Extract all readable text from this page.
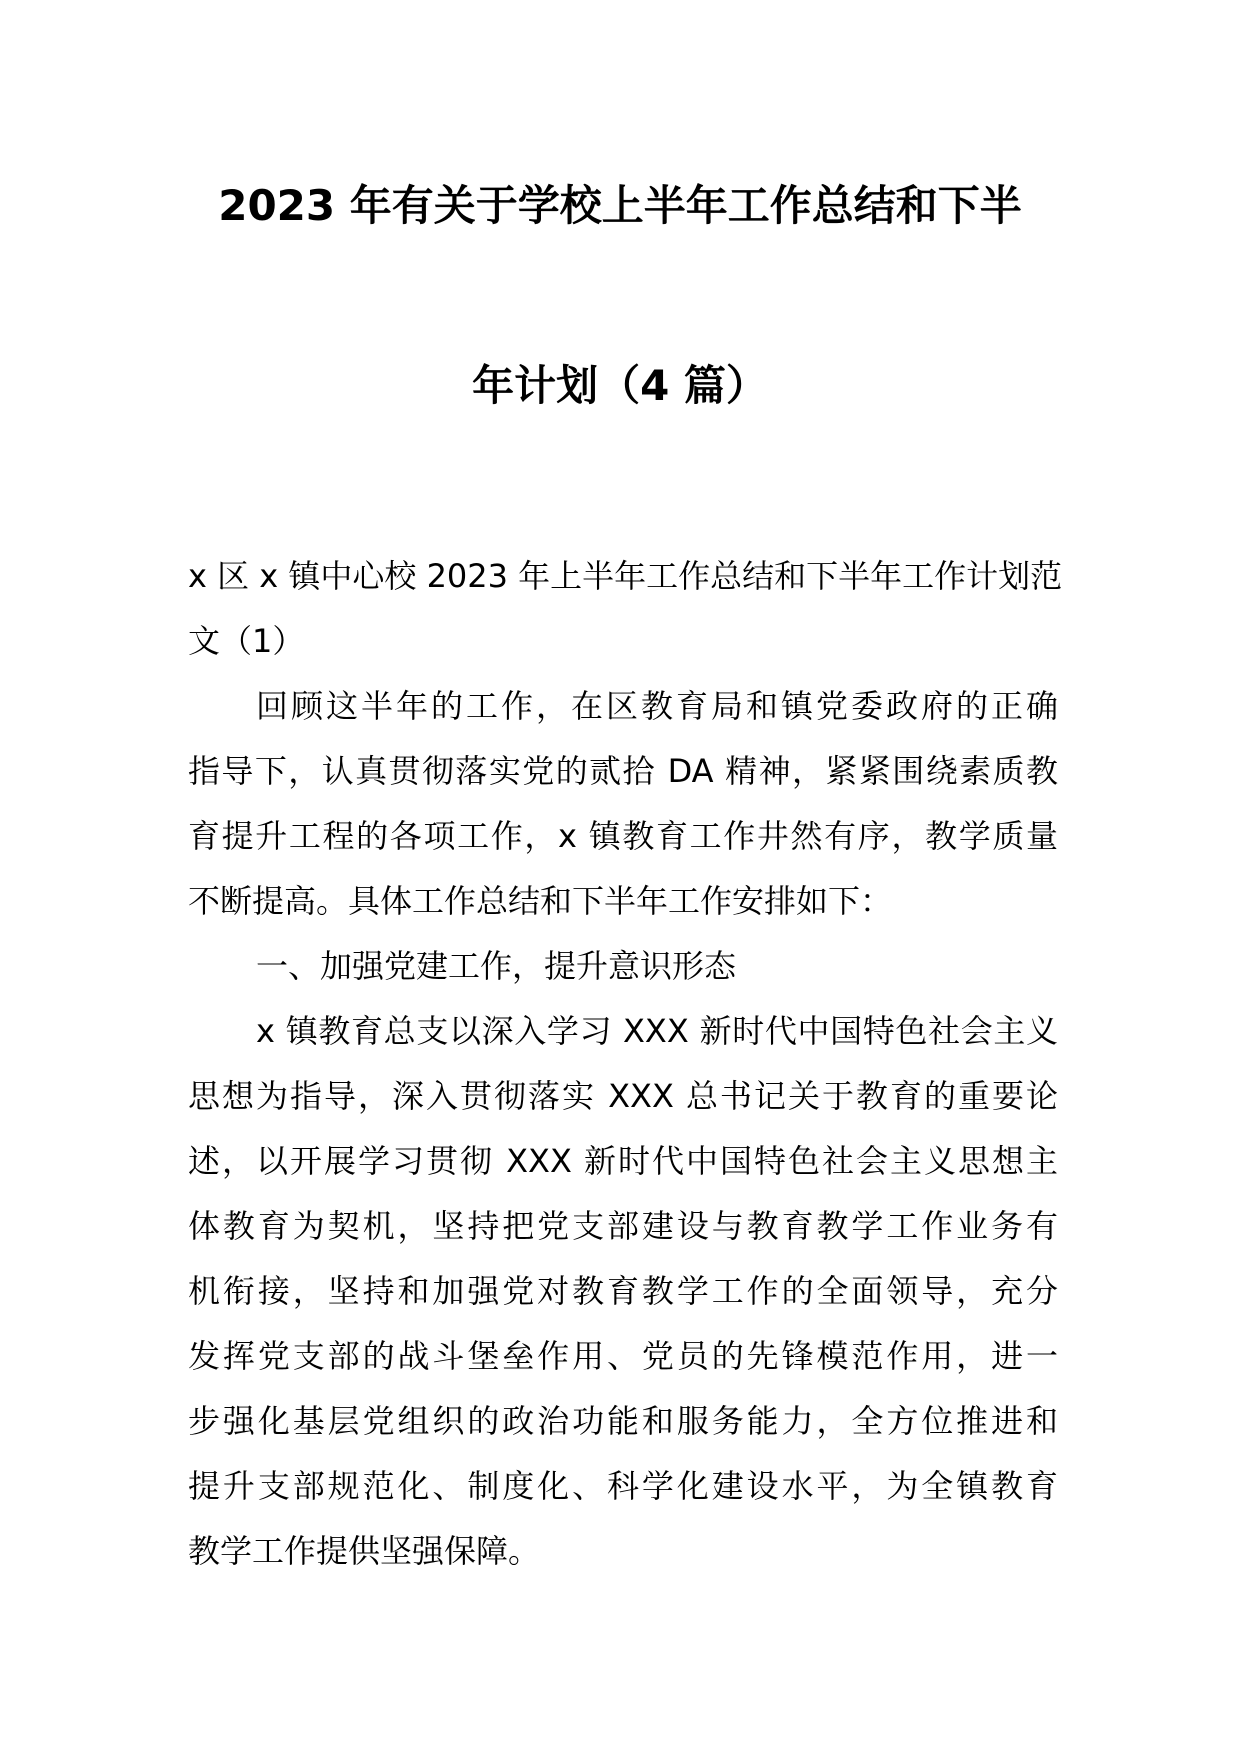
2023 年有关于学校上半年工作总结和下半
年计划（4 篇）

x 区 x 镇中心校 2023 年上半年工作总结和下半年工作计划范
文（1）

回顾这半年的工作，在区教育局和镇党委政府的正确
指导下，认真贯彻落实党的贰拾 DA 精神，紧紧围绕素质教
育提升工程的各项工作，x 镇教育工作井然有序，教学质量
不断提高。具体工作总结和下半年工作安排如下：

一、加强党建工作，提升意识形态

x 镇教育总支以深入学习 XXX 新时代中国特色社会主义
思想为指导，深入贯彻落实 XXX 总书记关于教育的重要论
述，以开展学习贯彻 XXX 新时代中国特色社会主义思想主
体教育为契机，坚持把党支部建设与教育教学工作业务有
机衔接，坚持和加强党对教育教学工作的全面领导，充分
发挥党支部的战斗堡垒作用、党员的先锋模范作用，进一
步强化基层党组织的政治功能和服务能力，全方位推进和
提升支部规范化、制度化、科学化建设水平，为全镇教育
教学工作提供坚强保障。
